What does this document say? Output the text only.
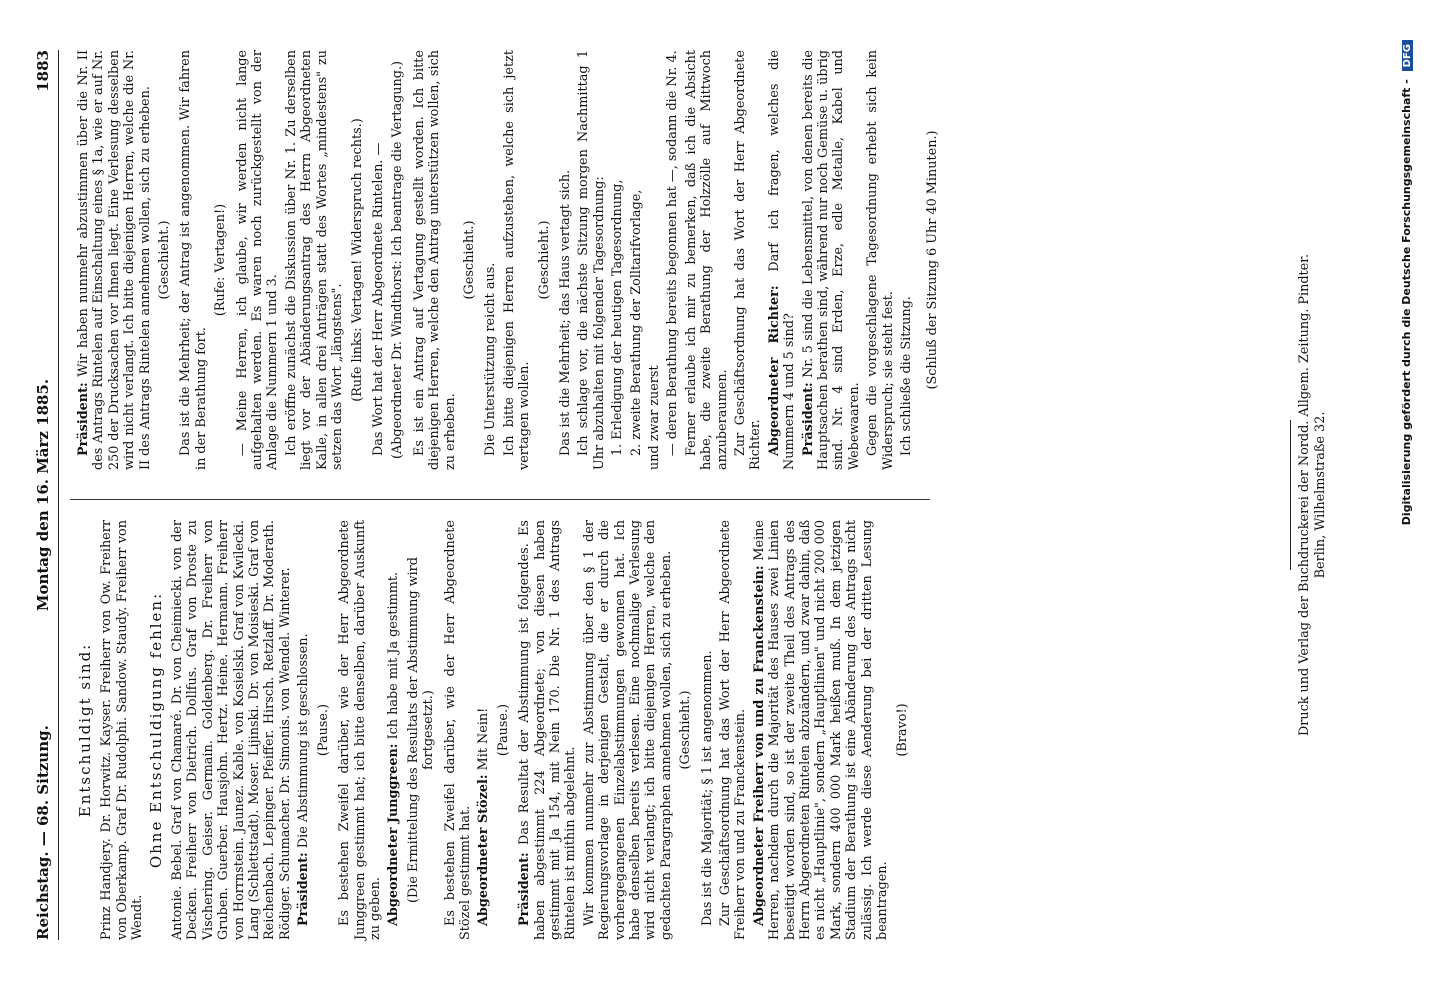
Reichstag. — 68. Sitzung.
Montag den 16. März 1885.
1883

Entschuldigt sind: Prinz Handjery. Dr. Horwitz. Kayser. Freiherr von Ow. Freiherr von Oberkamp. Graf Dr. Rudolphi. Sandow. Staudy. Freiherr von Wendt.

Ohne Entschuldigung fehlen: Antonie. Bebel. Graf von Chamaré. Dr. von Cheimiecki. von der Decken. Freiherr von Dietrich. Dollfus. Graf von Droste zu Vischering. Geiser. Germain. Goldenberg. Dr. Freiherr von Gruben. Guerber. Hausjohn. Hertz. Heine. Hermann. Freiherr von Horrnstein. Jaunez. Kable. von Kosielski. Graf von Kwilecki. Lang (Schlettstadt). Moser. Lijinski. Dr. von Moisieski. Graf von Reichenbach. Lepinger. Pfeiffer. Hirsch. Retzlaff. Dr. Moderath. Rödiger. Schumacher. Dr. Simonis. von Wendel. Winterer. Präsident: Die Abstimmung ist geschlossen. (Pause.) Es bestehen Zweifel darüber, wie der Herr Abgeordnete Junggreen gestimmt hat; ich bitte denselben, darüber Auskunft zu geben. Abgeordneter Junggreen: Ich habe mit Ja gestimmt. (Die Ermittelung des Resultats der Abstimmung wird fortgesetzt.) Es bestehen Zweifel darüber, wie der Herr Abgeordnete Stözel gestimmt hat. Abgeordneter Stözel: Mit Nein! (Pause.)

Präsident: Das Resultat der Abstimmung ist folgendes. Es haben abgestimmt 224 Abgeordnete; von diesen haben gestimmt mit Ja 154, mit Nein 170. Die Nr. 1 des Antrags Rintelen ist mithin abgelehnt. Wir kommen nunmehr zur Abstimmung über den § 1 der Regierungsvorlage in derjenigen Gestalt, die er durch die vorhergegangenen Einzelabstimmungen gewonnen hat. Ich habe denselben bereits verlesen. Eine nochmalige Verlesung wird nicht verlangt; ich bitte diejenigen Herren, welche den gedachten Paragraphen annehmen wollen, sich zu erheben. (Geschieht.) Das ist die Majorität; § 1 ist angenommen. Zur Geschäftsordnung hat das Wort der Herr Abgeordnete Freiherr von und zu Franckenstein. Abgeordneter Freiherr von und zu Franckenstein: Meine Herren, nachdem durch die Majorität des Hauses zwei Linien beseitigt worden sind, so ist der zweite Theil des Antrags des Herrn Abgeordneten Rintelen abzuändern, und zwar dahin, daß es nicht „Hauptlinie", sondern „Hauptlinien" und nicht 200 000 Mark, sondern 400 000 Mark heißen muß. In dem jetzigen Stadium der Berathung ist eine Abänderung des Antrags nicht zulässig. Ich werde diese Aenderung bei der dritten Lesung beantragen.

(Bravo!)

Präsident: Wir haben nunmehr abzustimmen über die Nr. II des Antrags Rintelen auf Einschaltung eines § 1a, wie er auf Nr. 250 der Drucksachen vor Ihnen liegt. Eine Verlesung desselben wird nicht verlangt. Ich bitte diejenigen Herren, welche die Nr. II des Antrags Rintelen annehmen wollen, sich zu erheben. (Geschieht.) Das ist die Mehrheit; der Antrag ist angenommen. Wir fahren in der Berathung fort.

(Rufe: Vertagen!) — Meine Herren, ich glaube, wir werden nicht lange aufgehalten werden. Es waren noch zurückgestellt von der Anlage die Nummern 1 und 3. Ich eröffne zunächst die Diskussion über Nr. 1. Zu derselben liegt vor der Abänderungsantrag des Herrn Abgeordneten Kalle, in allen drei Anträgen statt des Wortes „mindestens" zu setzen das Wort „längstens". (Rufe links: Vertagen! Widerspruch rechts.) Das Wort hat der Herr Abgeordnete Rintelen. — (Abgeordneter Dr. Windthorst: Ich beantrage die Vertagung.) Es ist ein Antrag auf Vertagung gestellt worden. Ich bitte diejenigen Herren, welche den Antrag unterstützen wollen, sich zu erheben.

(Geschieht.)

Die Unterstützung reicht aus. Ich bitte diejenigen Herren aufzustehen, welche sich jetzt vertagen wollen.

(Geschieht.) Das ist die Mehrheit; das Haus vertagt sich. Ich schlage vor, die nächste Sitzung morgen Nachmittag 1 Uhr abzuhalten mit folgender Tagesordnung: 1. Erledigung der heutigen Tagesordnung, 2. zweite Berathung der Zolltarifvorlage, und zwar zuerst — deren Berathung bereits begonnen hat —, sodann die Nr. 4. Ferner erlaube ich mir zu bemerken, daß ich die Absicht habe, die zweite Berathung der Holzzölle auf Mittwoch anzuberaumen. Zur Geschäftsordnung hat das Wort der Herr Abgeordnete Richter. Abgeordneter Richter: Darf ich fragen, welches die Nummern 4 und 5 sind? Präsident: Nr. 5 sind die Lebensmittel, von denen bereits die Hauptsachen berathen sind, während nur noch Gemüse u. übrig sind. Nr. 4 sind Erden, Erze, edle Metalle, Kabel und Webewaaren. Gegen die vorgeschlagene Tagesordnung erhebt sich kein Widerspruch; sie steht fest. Ich schließe die Sitzung. (Schluß der Sitzung 6 Uhr 40 Minuten.)	Druck und Verlag der Buchdruckerei der Nordd. Allgem. Zeitung. Pindter. Berlin, Wilhelmstraße 32.	Digitalisierung gefördert durch die Deutsche Forschungsgemeinschaft - DFG
